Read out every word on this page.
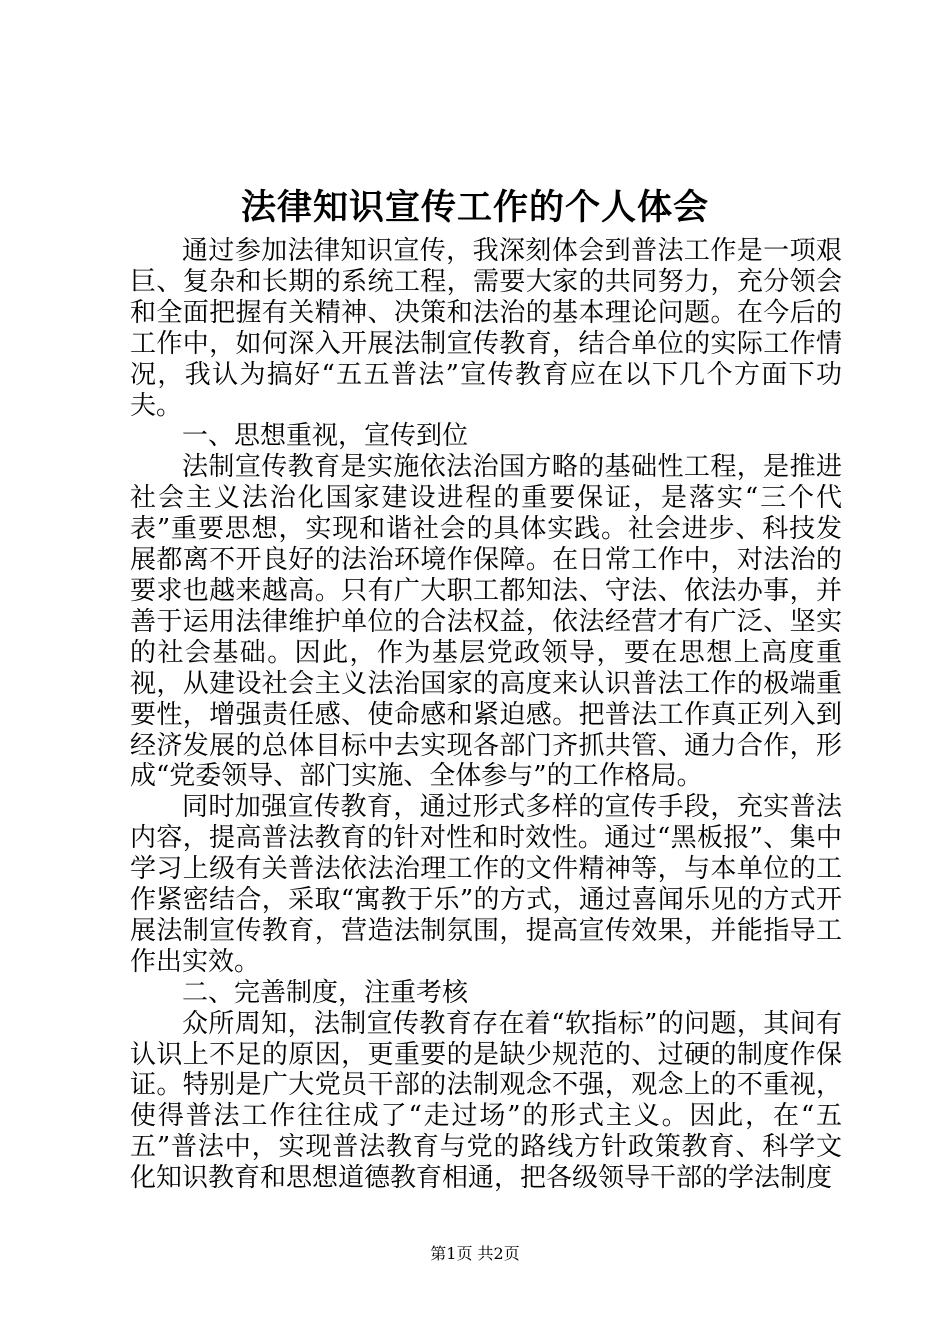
法律知识宣传工作的个人体会

通过参加法律知识宣传，我深刻体会到普法工作是一项艰巨、复杂和长期的系统工程，需要大家的共同努力，充分领会和全面把握有关精神、决策和法治的基本理论问题。在今后的工作中，如何深入开展法制宣传教育，结合单位的实际工作情况，我认为搞好“五五普法”宣传教育应在以下几个方面下功夫。

一、思想重视，宣传到位

法制宣传教育是实施依法治国方略的基础性工程，是推进社会主义法治化国家建设进程的重要保证，是落实“三个代表”重要思想，实现和谐社会的具体实践。社会进步、科技发展都离不开良好的法治环境作保障。在日常工作中，对法治的要求也越来越高。只有广大职工都知法、守法、依法办事，并善于运用法律维护单位的合法权益，依法经营才有广泛、坚实的社会基础。因此，作为基层党政领导，要在思想上高度重视，从建设社会主义法治国家的高度来认识普法工作的极端重要性，增强责任感、使命感和紧迫感。把普法工作真正列入到经济发展的总体目标中去实现各部门齐抓共管、通力合作，形成“党委领导、部门实施、全体参与”的工作格局。

同时加强宣传教育，通过形式多样的宣传手段，充实普法内容，提高普法教育的针对性和时效性。通过“黑板报”、集中学习上级有关普法依法治理工作的文件精神等，与本单位的工作紧密结合，采取“寓教于乐”的方式，通过喜闻乐见的方式开展法制宣传教育，营造法制氛围，提高宣传效果，并能指导工作出实效。

二、完善制度，注重考核

众所周知，法制宣传教育存在着“软指标”的问题，其间有认识上不足的原因，更重要的是缺少规范的、过硬的制度作保证。特别是广大党员干部的法制观念不强，观念上的不重视，使得普法工作往往成了“走过场”的形式主义。因此，在“五五”普法中，实现普法教育与党的路线方针政策教育、科学文化知识教育和思想道德教育相通，把各级领导干部的学法制度

第1页 共2页
